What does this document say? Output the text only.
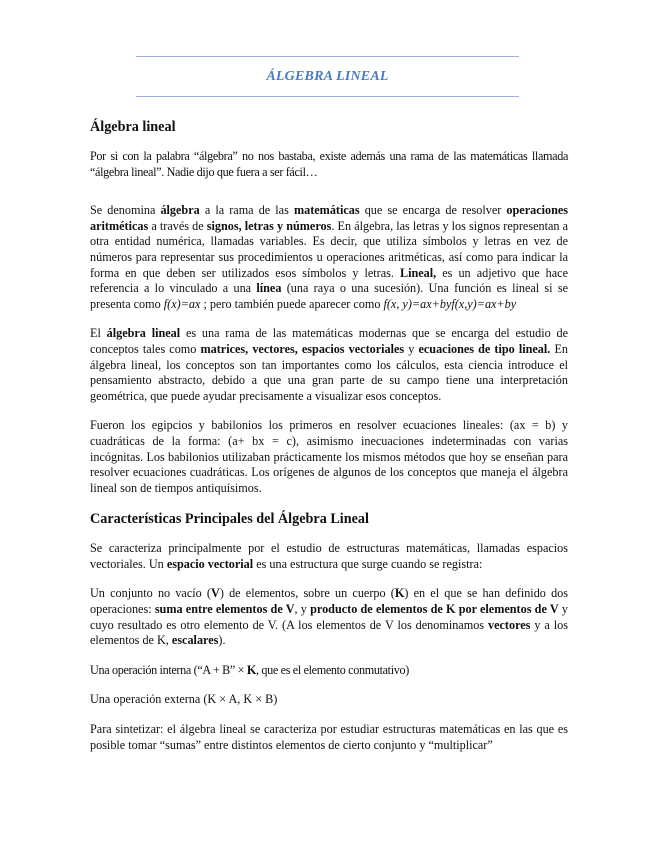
ÁLGEBRA LINEAL
Álgebra lineal

Por si con la palabra “álgebra” no nos bastaba, existe además una rama de las matemáticas llamada “álgebra lineal”. Nadie dijo que fuera a ser fácil…

Se denomina álgebra a la rama de las matemáticas que se encarga de resolver operaciones aritméticas a través de signos, letras y números. En álgebra, las letras y los signos representan a otra entidad numérica, llamadas variables. Es decir, que utiliza símbolos y letras en vez de números para representar sus procedimientos u operaciones aritméticas, así como para indicar la forma en que deben ser utilizados esos símbolos y letras. Lineal, es un adjetivo que hace referencia a lo vinculado a una línea (una raya o una sucesión). Una función es lineal si se presenta como f(x)=ax ; pero también puede aparecer como f(x, y)=ax+byf(x,y)=ax+by

El álgebra lineal es una rama de las matemáticas modernas que se encarga del estudio de conceptos tales como matrices, vectores, espacios vectoriales y ecuaciones de tipo lineal. En álgebra lineal, los conceptos son tan importantes como los cálculos, esta ciencia introduce el pensamiento abstracto, debido a que una gran parte de su campo tiene una interpretación geométrica, que puede ayudar precisamente a visualizar esos conceptos.

Fueron los egipcios y babilonios los primeros en resolver ecuaciones lineales: (ax = b) y cuadráticas de la forma: (a+ bx = c), asimismo inecuaciones indeterminadas con varias incógnitas. Los babilonios utilizaban prácticamente los mismos métodos que hoy se enseñan para resolver ecuaciones cuadráticas. Los orígenes de algunos de los conceptos que maneja el álgebra lineal son de tiempos antiquísimos.

Características Principales del Álgebra Lineal

Se caracteriza principalmente por el estudio de estructuras matemáticas, llamadas espacios vectoriales. Un espacio vectorial es una estructura que surge cuando se registra:

Un conjunto no vacío (V) de elementos, sobre un cuerpo (K) en el que se han definido dos operaciones: suma entre elementos de V, y producto de elementos de K por elementos de V y cuyo resultado es otro elemento de V. (A los elementos de V los denominamos vectores y a los elementos de K, escalares).

Una operación interna (“A + B” × K, que es el elemento conmutativo)

Una operación externa (K × A, K × B)

Para sintetizar: el álgebra lineal se caracteriza por estudiar estructuras matemáticas en las que es posible tomar “sumas” entre distintos elementos de cierto conjunto y “multiplicar”
